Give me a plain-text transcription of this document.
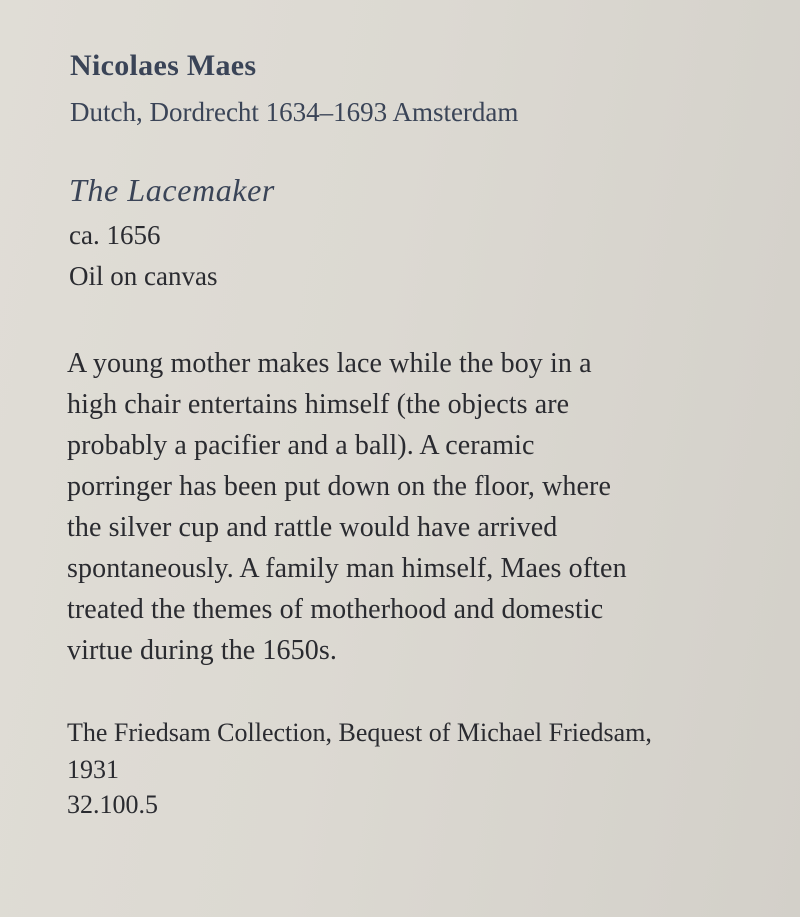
Nicolaes Maes
Dutch, Dordrecht 1634–1693 Amsterdam
The Lacemaker
ca. 1656
Oil on canvas
A young mother makes lace while the boy in a
high chair entertains himself (the objects are
probably a pacifier and a ball). A ceramic
porringer has been put down on the floor, where
the silver cup and rattle would have arrived
spontaneously. A family man himself, Maes often
treated the themes of motherhood and domestic
virtue during the 1650s.
The Friedsam Collection, Bequest of Michael Friedsam,
1931
32.100.5
